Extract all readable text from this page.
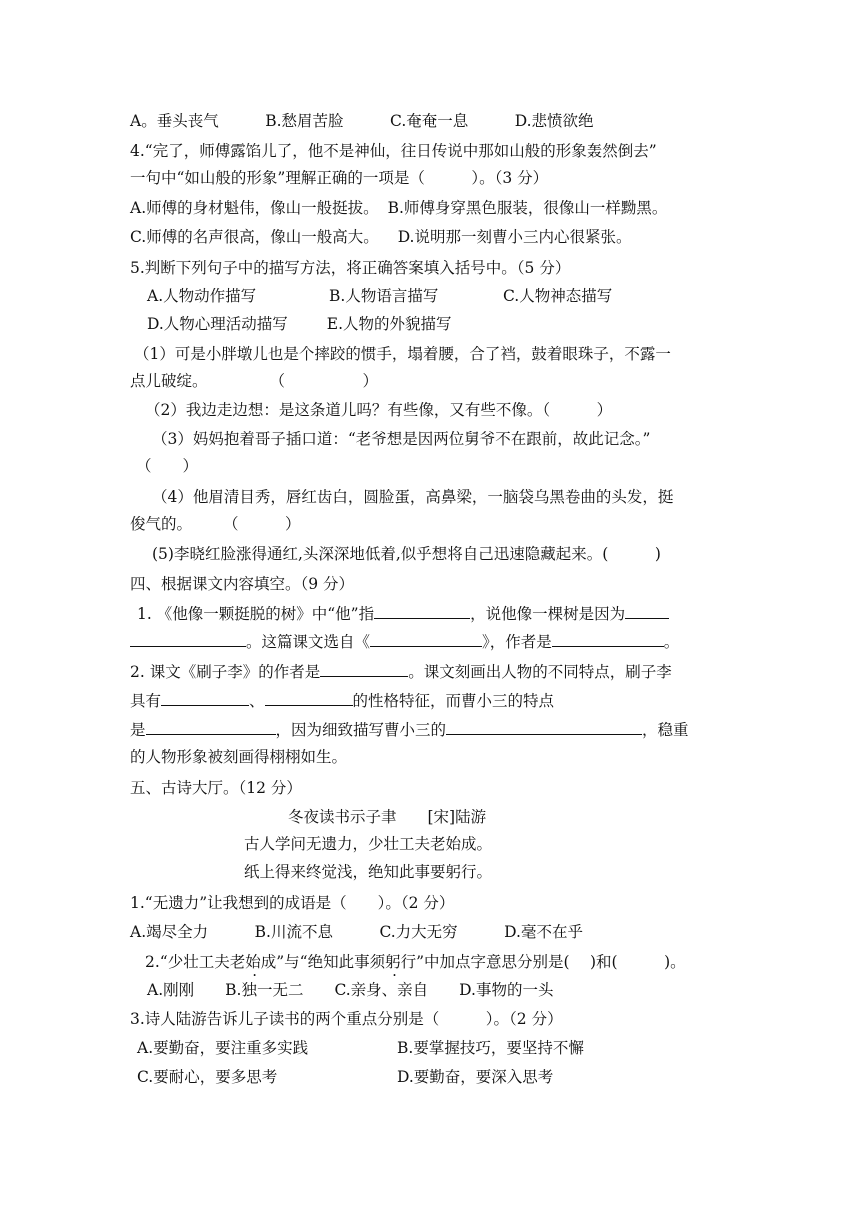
A。垂头丧气　　　B.愁眉苦脸　　　C.奄奄一息　　　D.悲愤欲绝
4.“完了，师傅露馅儿了，他不是神仙，往日传说中那如山般的形象轰然倒去”
一句中“如山般的形象”理解正确的一项是（　　　）。（3 分）
A.师傅的身材魁伟，像山一般挺拔。 B.师傅身穿黑色服装，很像山一样黝黑。
C.师傅的名声很高，像山一般高大。 D.说明那一刻曹小三内心很紧张。
5.判断下列句子中的描写方法，将正确答案填入括号中。（5 分）
A.人物动作描写	B.人物语言描写	C.人物神态描写
D.人物心理活动描写	E.人物的外貌描写
（1）可是小胖墩儿也是个摔跤的惯手，塌着腰，合了裆，鼓着眼珠子，不露一
点儿破绽。　　　　　（　　　　　）
（2）我边走边想：是这条道儿吗？有些像，又有些不像。（　　　）
（3）妈妈抱着哥子插口道：“老爷想是因两位舅爷不在跟前，故此记念。”
（　　）
（4）他眉清目秀，唇红齿白，圆脸蛋，高鼻梁，一脑袋乌黑卷曲的头发，挺
俊气的。　　　（　　　）
(5)李晓红脸涨得通红,头深深地低着,似乎想将自己迅速隐藏起来。(　　　)
四、根据课文内容填空。（9 分）
1. 《他像一颗挺脱的树》中“他”指	，说他像一棵树是因为
。这篇课文选自《	》，作者是	。
2. 课文《刷子李》的作者是	。课文刻画出人物的不同特点，刷子李
具有	、	的性格特征，而曹小三的特点
是	，因为细致描写曹小三的	，稳重
的人物形象被刻画得栩栩如生。
五、古诗大厅。（12 分）
冬夜读书示子聿　　[宋]陆游
古人学问无遗力，少壮工夫老始成。
纸上得来终觉浅，绝知此事要躬行。
1.“无遗力”让我想到的成语是（　　）。（2 分）
A.竭尽全力　　　B.川流不息　　　C.力大无穷　　　D.毫不在乎
2.“少壮工夫老始成”与“绝知此事须躬行”中加点字意思分别是(　 )和(　　　)。
A.刚刚　　B.独一无二　　C.亲身、亲自　　D.事物的一头
3.诗人陆游告诉儿子读书的两个重点分别是（　　　）。（2 分）
A.要勤奋，要注重多实践	B.要掌握技巧，要坚持不懈
C.要耐心，要多思考	D.要勤奋，要深入思考
